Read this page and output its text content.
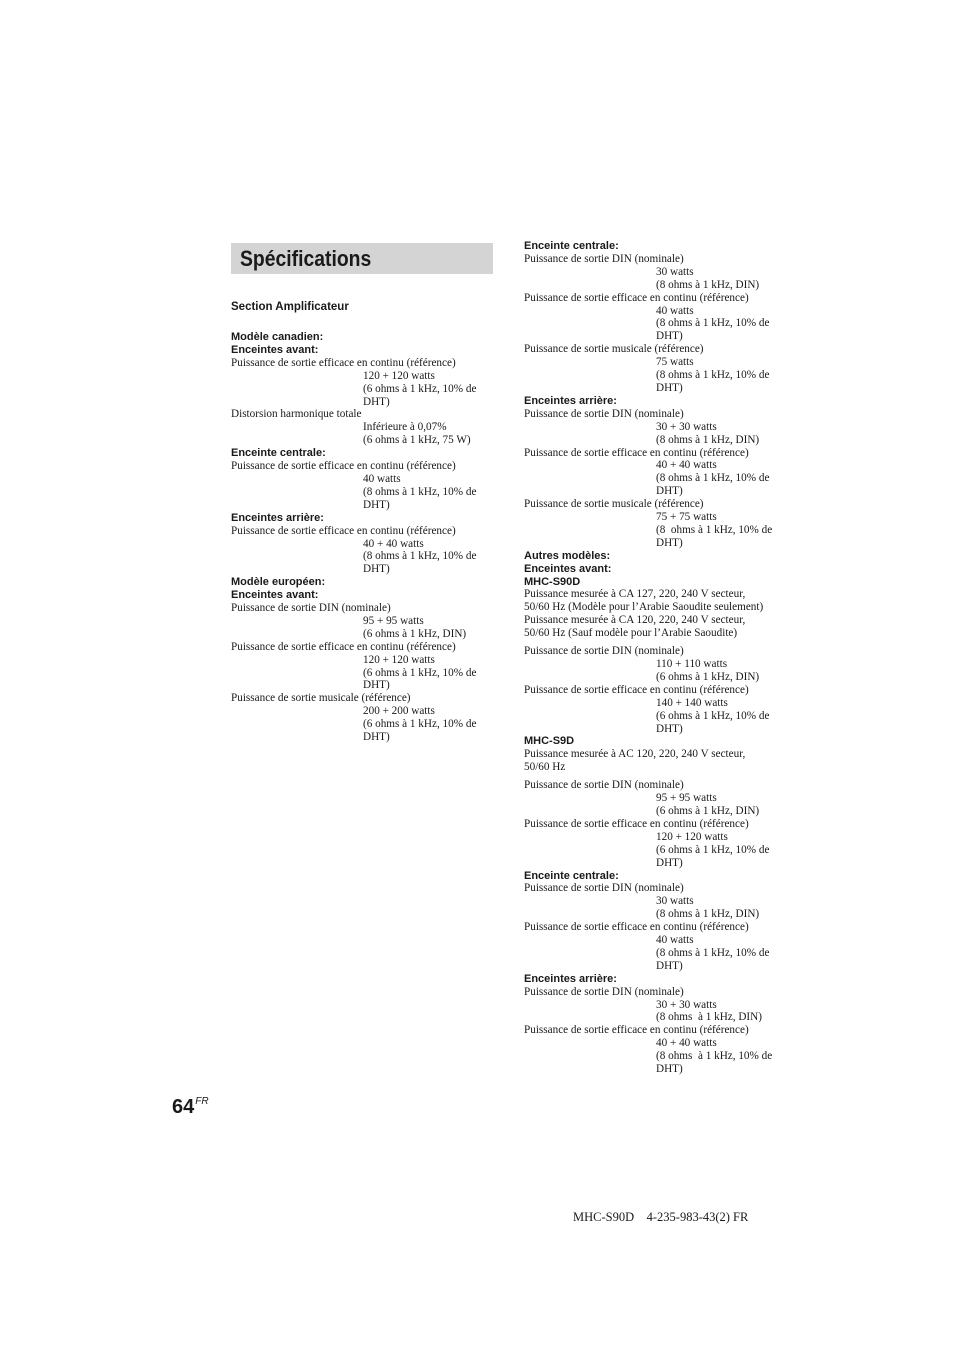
Spécifications
Section Amplificateur
Modèle canadien:
Enceintes avant:
Puissance de sortie efficace en continu (référence)
120 + 120 watts
(6 ohms à 1 kHz, 10% de
DHT)
Distorsion harmonique totale
Inférieure à 0,07%
(6 ohms à 1 kHz, 75 W)
Enceinte centrale:
Puissance de sortie efficace en continu (référence)
40 watts
(8 ohms à 1 kHz, 10% de
DHT)
Enceintes arrière:
Puissance de sortie efficace en continu (référence)
40 + 40 watts
(8 ohms à 1 kHz, 10% de
DHT)
Modèle européen:
Enceintes avant:
Puissance de sortie DIN (nominale)
95 + 95 watts
(6 ohms à 1 kHz, DIN)
Puissance de sortie efficace en continu (référence)
120 + 120 watts
(6 ohms à 1 kHz, 10% de
DHT)
Puissance de sortie musicale (référence)
200 + 200 watts
(6 ohms à 1 kHz, 10% de
DHT)
Enceinte centrale:
Puissance de sortie DIN (nominale)
30 watts
(8 ohms à 1 kHz, DIN)
Puissance de sortie efficace en continu (référence)
40 watts
(8 ohms à 1 kHz, 10% de
DHT)
Puissance de sortie musicale (référence)
75 watts
(8 ohms à 1 kHz, 10% de
DHT)
Enceintes arrière:
Puissance de sortie DIN (nominale)
30 + 30 watts
(8 ohms à 1 kHz, DIN)
Puissance de sortie efficace en continu (référence)
40 + 40 watts
(8 ohms à 1 kHz, 10% de
DHT)
Puissance de sortie musicale (référence)
75 + 75 watts
(8  ohms à 1 kHz, 10% de
DHT)
Autres modèles:
Enceintes avant:
MHC-S90D
Puissance mesurée à CA 127, 220, 240 V secteur,
50/60 Hz (Modèle pour l’Arabie Saoudite seulement)
Puissance mesurée à CA 120, 220, 240 V secteur,
50/60 Hz (Sauf modèle pour l’Arabie Saoudite)
Puissance de sortie DIN (nominale)
110 + 110 watts
(6 ohms à 1 kHz, DIN)
Puissance de sortie efficace en continu (référence)
140 + 140 watts
(6 ohms à 1 kHz, 10% de
DHT)
MHC-S9D
Puissance mesurée à AC 120, 220, 240 V secteur,
50/60 Hz
Puissance de sortie DIN (nominale)
95 + 95 watts
(6 ohms à 1 kHz, DIN)
Puissance de sortie efficace en continu (référence)
120 + 120 watts
(6 ohms à 1 kHz, 10% de
DHT)
Enceinte centrale:
Puissance de sortie DIN (nominale)
30 watts
(8 ohms à 1 kHz, DIN)
Puissance de sortie efficace en continu (référence)
40 watts
(8 ohms à 1 kHz, 10% de
DHT)
Enceintes arrière:
Puissance de sortie DIN (nominale)
30 + 30 watts
(8 ohms  à 1 kHz, DIN)
Puissance de sortie efficace en continu (référence)
40 + 40 watts
(8 ohms  à 1 kHz, 10% de
DHT)
$64^{FR}$
MHC-S90D    4-235-983-43(2) FR
